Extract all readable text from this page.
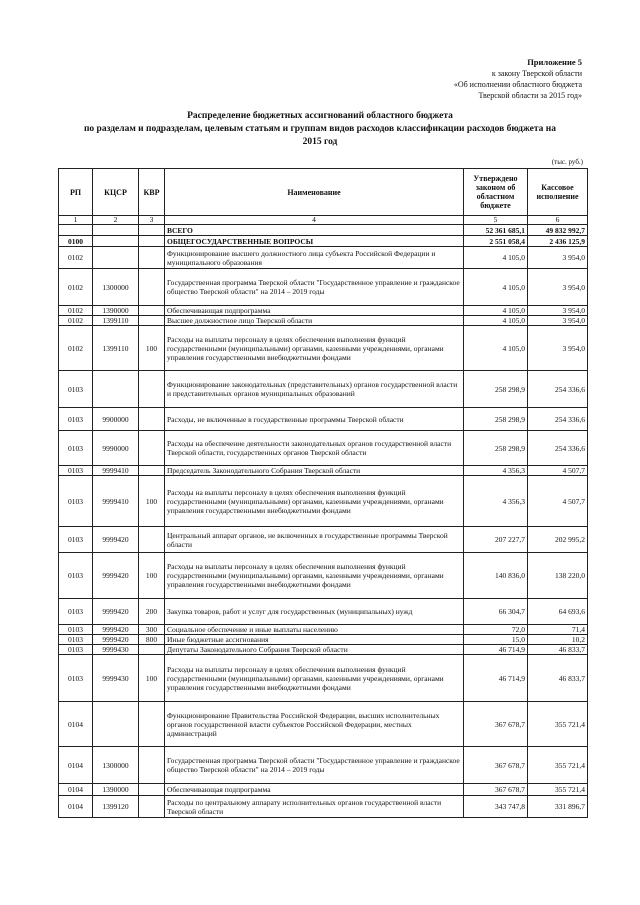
Приложение 5
к закону Тверской области
«Об исполнении областного бюджета
Тверской области за 2015 год»
Распределение бюджетных ассигнований областного бюджета
по разделам и подразделам, целевым статьям и группам видов расходов классификации расходов бюджета на
2015 год
(тыс. руб.)
РП	КЦСР	КВР	Наименование	Утверждено законом об областном бюджете	Кассовое исполнение
1	2	3	4	5	6
			ВСЕГО	52 361 685,1	49 832 992,7
0100			ОБЩЕГОСУДАРСТВЕННЫЕ ВОПРОСЫ	2 551 058,4	2 436 125,9
0102			Функционирование высшего должностного лица субъекта Российской Федерации и муниципального образования	4 105,0	3 954,0
0102	1300000		Государственная программа Тверской области "Государственное управление и гражданское общество Тверской области" на 2014 – 2019 годы	4 105,0	3 954,0
0102	1390000		Обеспечивающая подпрограмма	4 105,0	3 954,0
0102	1399110		Высшее должностное лицо Тверской области	4 105,0	3 954,0
0102	1399110	100	Расходы на выплаты персоналу в целях обеспечения выполнения функций государственными (муниципальными) органами, казенными учреждениями, органами управления государственными внебюджетными фондами	4 105,0	3 954,0
0103			Функционирование законодательных (представительных) органов государственной власти и представительных органов муниципальных образований	258 298,9	254 336,6
0103	9900000		Расходы, не включенные в государственные программы Тверской области	258 298,9	254 336,6
0103	9990000		Расходы на обеспечение деятельности законодательных органов государственной власти Тверской области, государственных органов Тверской области	258 298,9	254 336,6
0103	9999410		Председатель Законодательного Собрания Тверской области	4 356,3	4 507,7
0103	9999410	100	Расходы на выплаты персоналу в целях обеспечения выполнения функций государственными (муниципальными) органами, казенными учреждениями, органами управления государственными внебюджетными фондами	4 356,3	4 507,7
0103	9999420		Центральный аппарат органов, не включенных в государственные программы Тверской области	207 227,7	202 995,2
0103	9999420	100	Расходы на выплаты персоналу в целях обеспечения выполнения функций государственными (муниципальными) органами, казенными учреждениями, органами управления государственными внебюджетными фондами	140 836,0	138 220,0
0103	9999420	200	Закупка товаров, работ и услуг для государственных (муниципальных) нужд	66 304,7	64 693,6
0103	9999420	300	Социальное обеспечение и иные выплаты населению	72,0	71,4
0103	9999420	800	Иные бюджетные ассигнования	15,0	10,2
0103	9999430		Депутаты Законодательного Собрания Тверской области	46 714,9	46 833,7
0103	9999430	100	Расходы на выплаты персоналу в целях обеспечения выполнения функций государственными (муниципальными) органами, казенными учреждениями, органами управления государственными внебюджетными фондами	46 714,9	46 833,7
0104			Функционирование Правительства Российской Федерации, высших исполнительных органов государственной власти субъектов Российской Федерации, местных администраций	367 678,7	355 721,4
0104	1300000		Государственная программа Тверской области "Государственное управление и гражданское общество Тверской области" на 2014 – 2019 годы	367 678,7	355 721,4
0104	1390000		Обеспечивающая подпрограмма	367 678,7	355 721,4
0104	1399120		Расходы по центральному аппарату исполнительных органов государственной власти Тверской области	343 747,8	331 896,7
